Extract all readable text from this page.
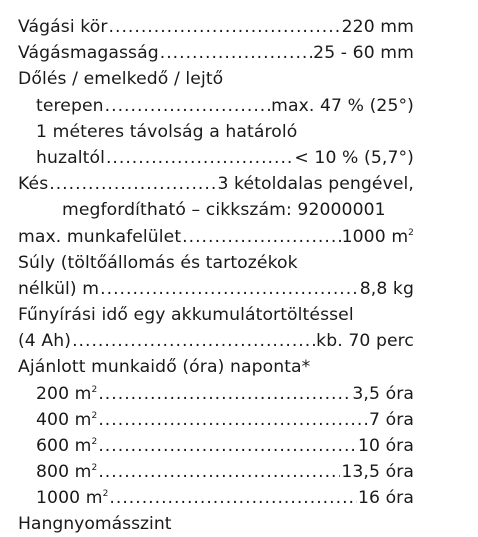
Vágási kör .....	220 mm
Vágásmagasság .....	25 - 60 mm
Dőlés / emelkedő / lejtő
terepen .....	max. 47 % (25°)
1 méteres távolság a határoló
huzaltól .....	< 10 % (5,7°)
Kés .....	3 kétoldalas pengével,
megfordítható – cikkszám: 92000001
max. munkafelület .....	1000 $m^2$
Súly (töltőállomás és tartozékok
nélkül) m .....	8,8 kg
Fűnyírási idő egy akkumulátortöltéssel
(4 Ah) .....	kb. 70 perc
Ajánlott munkaidő (óra) naponta*
200 $m^2$ .....	3,5 óra
400 $m^2$ .....	7 óra
600 $m^2$ .....	10 óra
800 $m^2$ .....	13,5 óra
1000 $m^2$ .....	16 óra
Hangnyomásszint
